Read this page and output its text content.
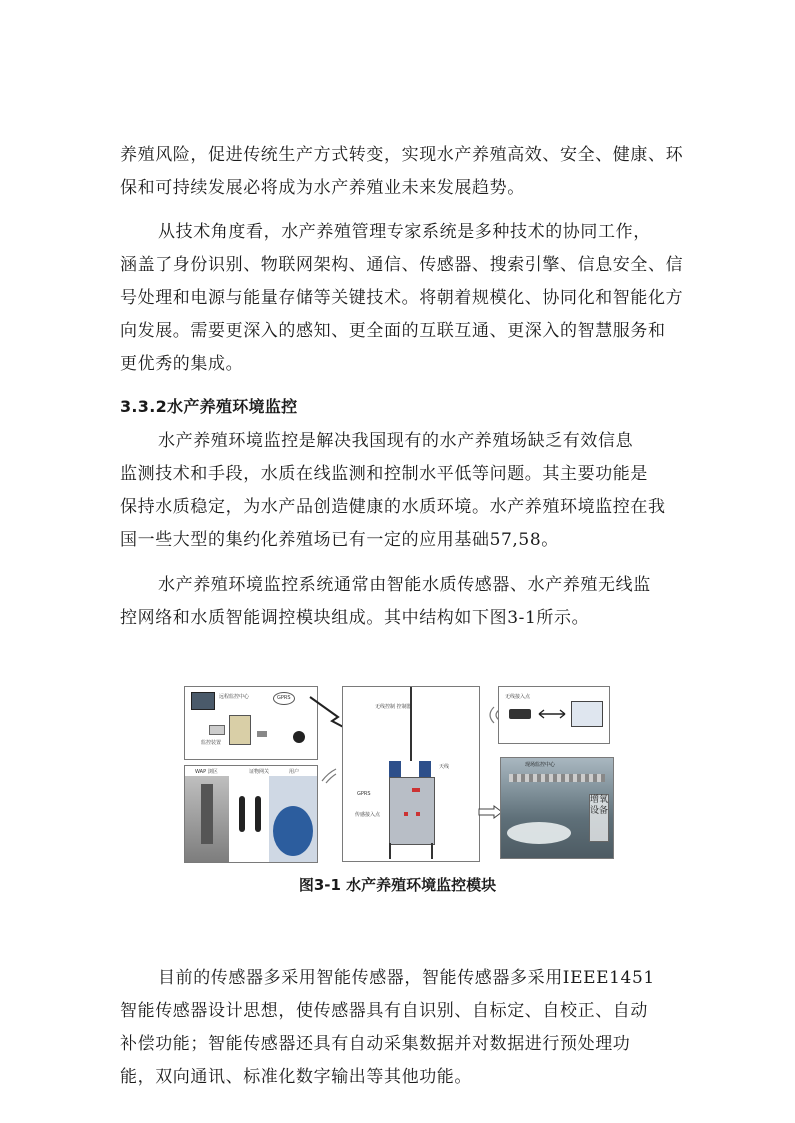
养殖风险，促进传统生产方式转变，实现水产养殖高效、安全、健康、环
保和可持续发展必将成为水产养殖业未来发展趋势。

从技术角度看，水产养殖管理专家系统是多种技术的协同工作，
涵盖了身份识别、物联网架构、通信、传感器、搜索引擎、信息安全、信
号处理和电源与能量存储等关键技术。将朝着规模化、协同化和智能化方
向发展。需要更深入的感知、更全面的互联互通、更深入的智慧服务和
更优秀的集成。

3.3.2水产养殖环境监控

水产养殖环境监控是解决我国现有的水产养殖场缺乏有效信息
监测技术和手段，水质在线监测和控制水平低等问题。其主要功能是
保持水质稳定，为水产品创造健康的水质环境。水产养殖环境监控在我
国一些大型的集约化养殖场已有一定的应用基础57,58。

水产养殖环境监控系统通常由智能水质传感器、水产养殖无线监
控网络和水质智能调控模块组成。其中结构如下图3-1所示。

远程监控中心	GPRS
监控装置
WAP 浏区	证物网关	用户
无线控制 控制器
天线
GPRS
传感接入点
无线接入点
现场监控中心
增氧设备
图3-1 水产养殖环境监控模块

目前的传感器多采用智能传感器，智能传感器多采用IEEE1451
智能传感器设计思想，使传感器具有自识别、自标定、自校正、自动
补偿功能；智能传感器还具有自动采集数据并对数据进行预处理功
能，双向通讯、标准化数字输出等其他功能。
